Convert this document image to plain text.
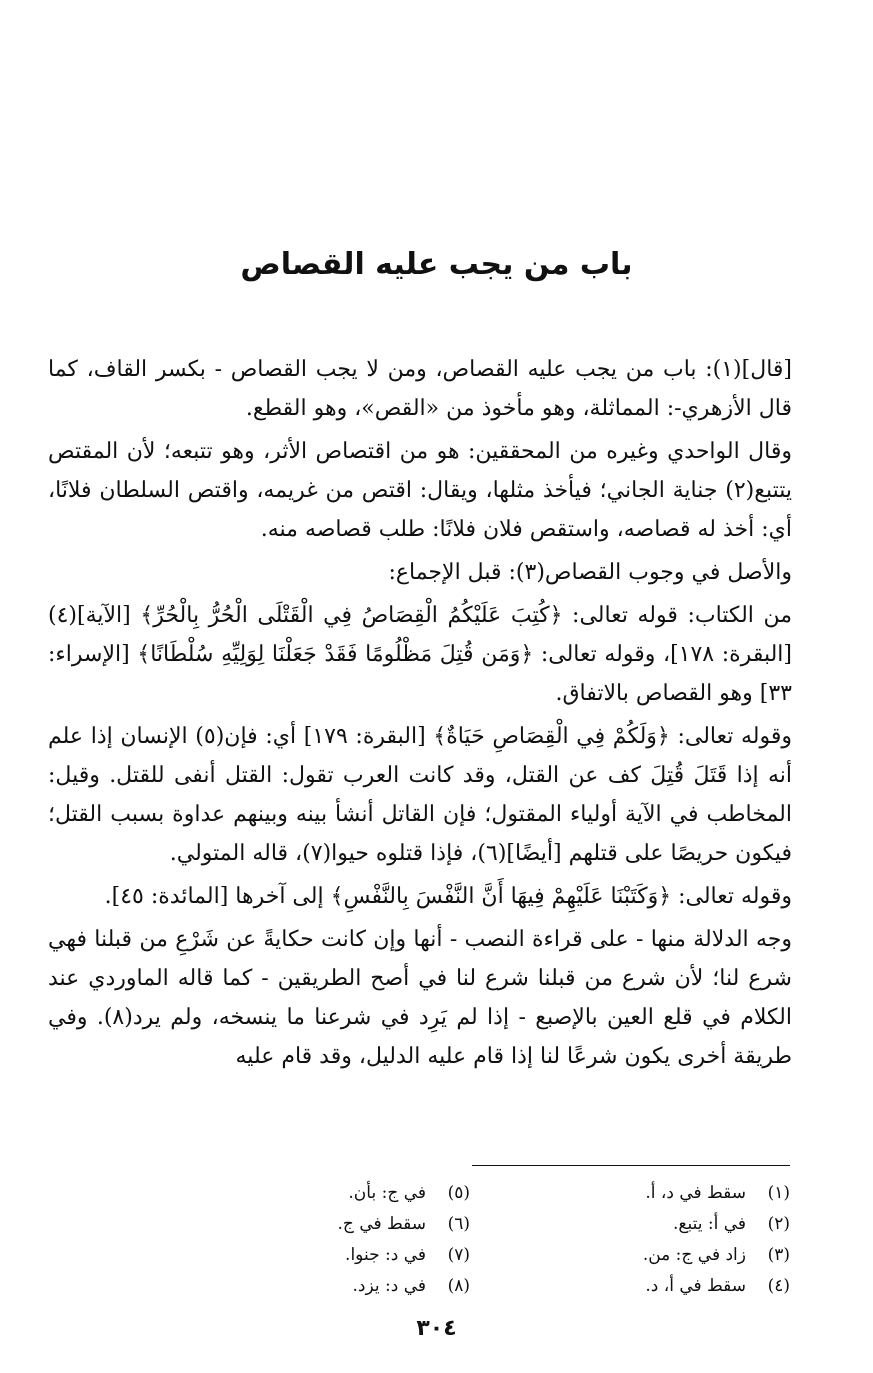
باب من يجب عليه القصاص

[قال](١): باب من يجب عليه القصاص، ومن لا يجب القصاص - بكسر القاف، كما قال الأزهري-: المماثلة، وهو مأخوذ من «القص»، وهو القطع.

وقال الواحدي وغيره من المحققين: هو من اقتصاص الأثر، وهو تتبعه؛ لأن المقتص يتتبع(٢) جناية الجاني؛ فيأخذ مثلها، ويقال: اقتص من غريمه، واقتص السلطان فلانًا، أي: أخذ له قصاصه، واستقص فلان فلانًا: طلب قصاصه منه.

والأصل في وجوب القصاص(٣): قبل الإجماع:

من الكتاب: قوله تعالى: ﴿كُتِبَ عَلَيْكُمُ الْقِصَاصُ فِي الْقَتْلَى الْحُرُّ بِالْحُرِّ﴾ [الآية](٤) [البقرة: ١٧٨]، وقوله تعالى: ﴿وَمَن قُتِلَ مَظْلُومًا فَقَدْ جَعَلْنَا لِوَلِيِّهِ سُلْطَانًا﴾ [الإسراء: ٣٣] وهو القصاص بالاتفاق.

وقوله تعالى: ﴿وَلَكُمْ فِي الْقِصَاصِ حَيَاةٌ﴾ [البقرة: ١٧٩] أي: فإن(٥) الإنسان إذا علم أنه إذا قَتَلَ قُتِلَ كف عن القتل، وقد كانت العرب تقول: القتل أنفى للقتل. وقيل: المخاطب في الآية أولياء المقتول؛ فإن القاتل أنشأ بينه وبينهم عداوة بسبب القتل؛ فيكون حريصًا على قتلهم [أيضًا](٦)، فإذا قتلوه حيوا(٧)، قاله المتولي.

وقوله تعالى: ﴿وَكَتَبْنَا عَلَيْهِمْ فِيهَا أَنَّ النَّفْسَ بِالنَّفْسِ﴾ إلى آخرها [المائدة: ٤٥].

وجه الدلالة منها - على قراءة النصب - أنها وإن كانت حكايةً عن شَرْعِ من قبلنا فهي شرع لنا؛ لأن شرع من قبلنا شرع لنا في أصح الطريقين - كما قاله الماوردي عند الكلام في قلع العين بالإصبع - إذا لم يَرِد في شرعنا ما ينسخه، ولم يرد(٨). وفي طريقة أخرى يكون شرعًا لنا إذا قام عليه الدليل، وقد قام عليه

(١)سقط في د، أ.
(٢)في أ: يتبع.
(٣)زاد في ج: من.
(٤)سقط في أ، د.
(٥)في ج: بأن.
(٦)سقط في ج.
(٧)في د: جنوا.
(٨)في د: يزد.
٣٠٤
